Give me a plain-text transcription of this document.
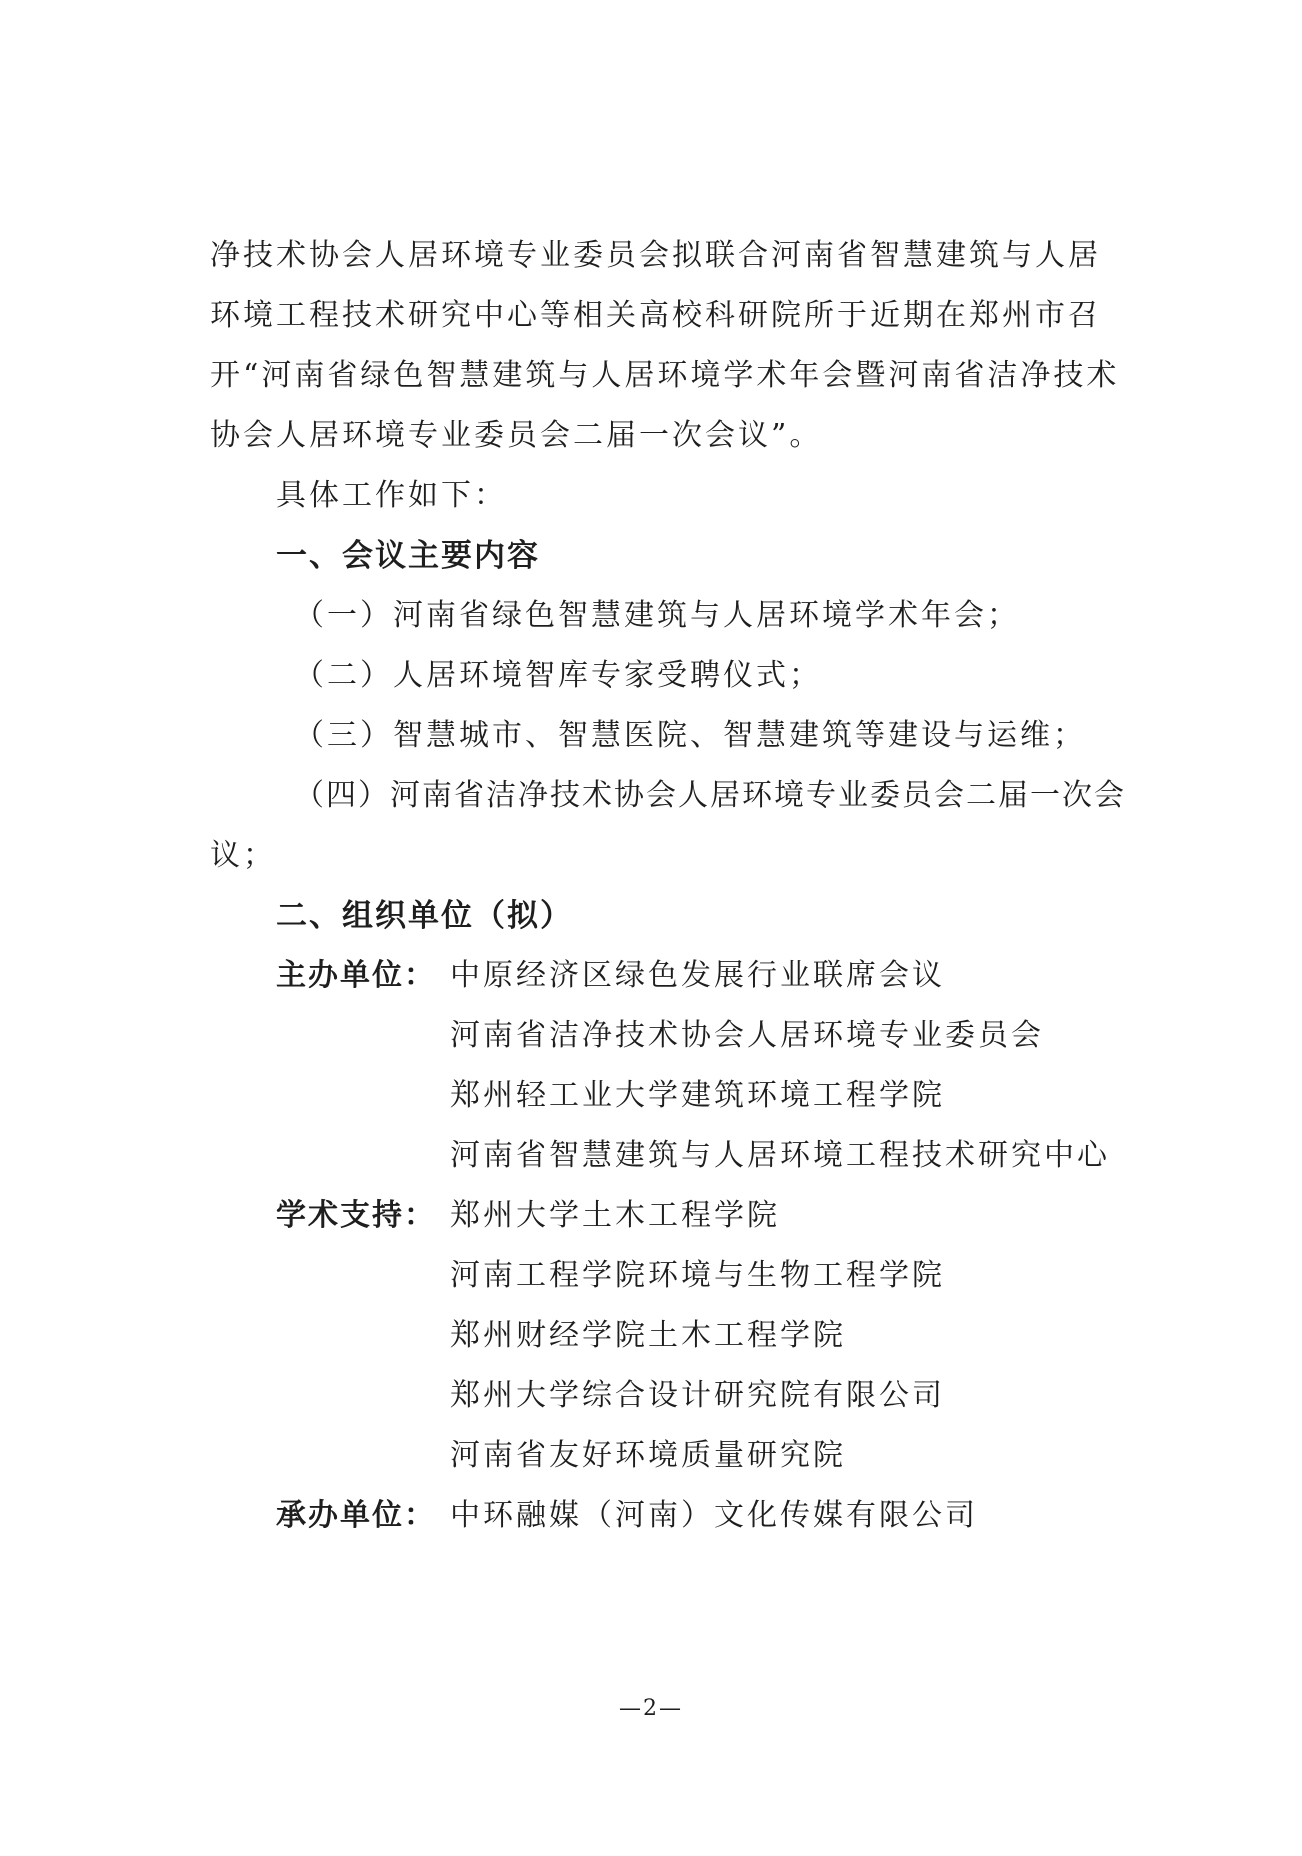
净技术协会人居环境专业委员会拟联合河南省智慧建筑与人居
环境工程技术研究中心等相关高校科研院所于近期在郑州市召
开“河南省绿色智慧建筑与人居环境学术年会暨河南省洁净技术
协会人居环境专业委员会二届一次会议”。
具体工作如下：
一、会议主要内容
（一）河南省绿色智慧建筑与人居环境学术年会；
（二）人居环境智库专家受聘仪式；
（三）智慧城市、智慧医院、智慧建筑等建设与运维；
（四）河南省洁净技术协会人居环境专业委员会二届一次会
议；
二、组织单位（拟）
主办单位： 中原经济区绿色发展行业联席会议
河南省洁净技术协会人居环境专业委员会
郑州轻工业大学建筑环境工程学院
河南省智慧建筑与人居环境工程技术研究中心
学术支持： 郑州大学土木工程学院
河南工程学院环境与生物工程学院
郑州财经学院土木工程学院
郑州大学综合设计研究院有限公司
河南省友好环境质量研究院
承办单位： 中环融媒（河南）文化传媒有限公司
—2—
